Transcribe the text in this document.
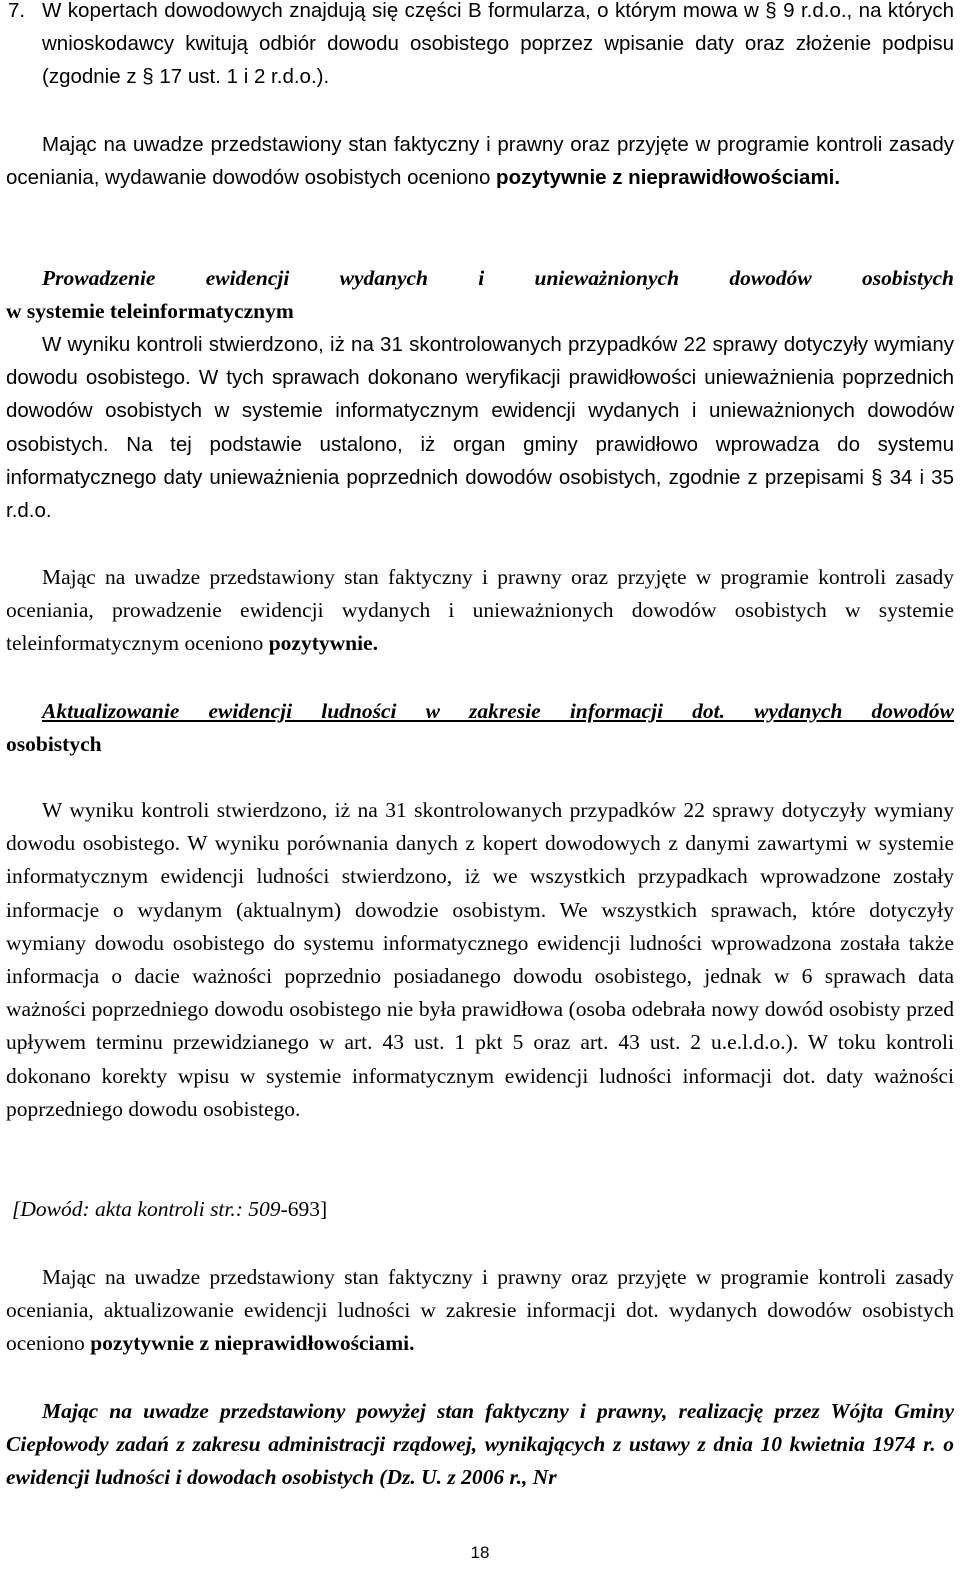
7. W kopertach dowodowych znajdują się części B formularza, o którym mowa w § 9 r.d.o., na których wnioskodawcy kwitują odbiór dowodu osobistego poprzez wpisanie daty oraz złożenie podpisu (zgodnie z § 17 ust. 1 i 2 r.d.o.).
Mając na uwadze przedstawiony stan faktyczny i prawny oraz przyjęte w programie kontroli zasady oceniania, wydawanie dowodów osobistych oceniono pozytywnie z nieprawidłowościami.
Prowadzenie ewidencji wydanych i unieważnionych dowodów osobistych
w systemie teleinformatycznym
W wyniku kontroli stwierdzono, iż na 31 skontrolowanych przypadków 22 sprawy dotyczyły wymiany dowodu osobistego. W tych sprawach dokonano weryfikacji prawidłowości unieważnienia poprzednich dowodów osobistych w systemie informatycznym ewidencji wydanych i unieważnionych dowodów osobistych. Na tej podstawie ustalono, iż organ gminy prawidłowo wprowadza do systemu informatycznego daty unieważnienia poprzednich dowodów osobistych, zgodnie z przepisami § 34 i 35 r.d.o.
Mając na uwadze przedstawiony stan faktyczny i prawny oraz przyjęte w programie kontroli zasady oceniania, prowadzenie ewidencji wydanych i unieważnionych dowodów osobistych w systemie teleinformatycznym oceniono pozytywnie.
Aktualizowanie ewidencji ludności w zakresie informacji dot. wydanych dowodów
osobistych
W wyniku kontroli stwierdzono, iż na 31 skontrolowanych przypadków 22 sprawy dotyczyły wymiany dowodu osobistego. W wyniku porównania danych z kopert dowodowych z danymi zawartymi w systemie informatycznym ewidencji ludności stwierdzono, iż we wszystkich przypadkach wprowadzone zostały informacje o wydanym (aktualnym) dowodzie osobistym. We wszystkich sprawach, które dotyczyły wymiany dowodu osobistego do systemu informatycznego ewidencji ludności wprowadzona została także informacja o dacie ważności poprzednio posiadanego dowodu osobistego, jednak w 6 sprawach data ważności poprzedniego dowodu osobistego nie była prawidłowa (osoba odebrała nowy dowód osobisty przed upływem terminu przewidzianego w art. 43 ust. 1 pkt 5 oraz art. 43 ust. 2 u.e.l.d.o.). W toku kontroli dokonano korekty wpisu w systemie informatycznym ewidencji ludności informacji dot. daty ważności poprzedniego dowodu osobistego.
[Dowód: akta kontroli str.: 509-693]
Mając na uwadze przedstawiony stan faktyczny i prawny oraz przyjęte w programie kontroli zasady oceniania, aktualizowanie ewidencji ludności w zakresie informacji dot. wydanych dowodów osobistych oceniono pozytywnie z nieprawidłowościami.
Mając na uwadze przedstawiony powyżej stan faktyczny i prawny, realizację przez Wójta Gminy Ciepłowody zadań z zakresu administracji rządowej, wynikających z ustawy z dnia 10 kwietnia 1974 r. o ewidencji ludności i dowodach osobistych (Dz. U. z 2006 r., Nr
18
